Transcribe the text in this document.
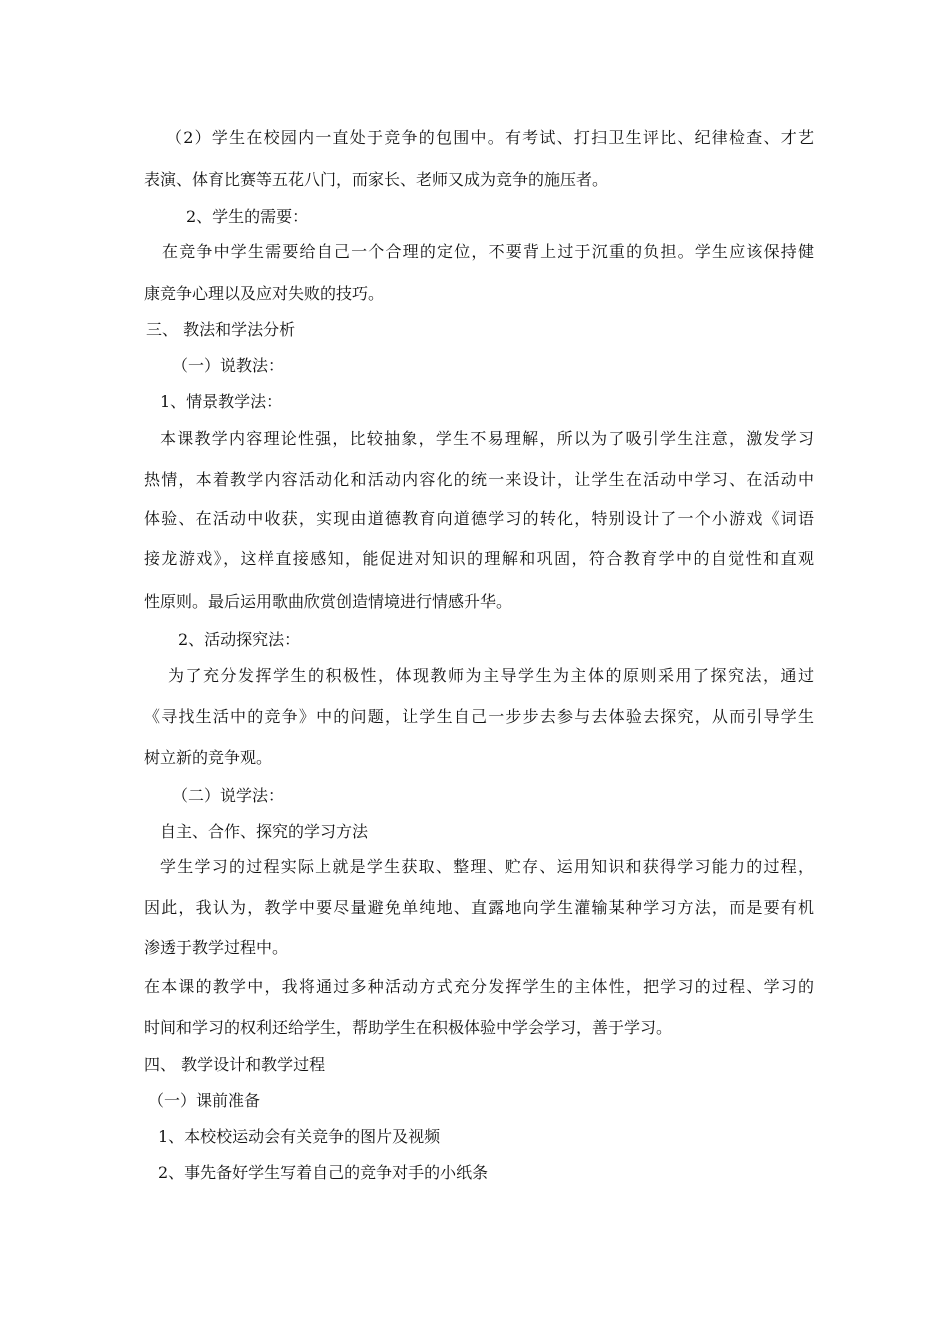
（2）学生在校园内一直处于竞争的包围中。有考试、打扫卫生评比、纪律检查、才艺
表演、体育比赛等五花八门，而家长、老师又成为竞争的施压者。
2、学生的需要：
在竞争中学生需要给自己一个合理的定位，不要背上过于沉重的负担。学生应该保持健
康竞争心理以及应对失败的技巧。
三、 教法和学法分析
（一）说教法：
1、情景教学法：
本课教学内容理论性强，比较抽象，学生不易理解，所以为了吸引学生注意，激发学习
热情，本着教学内容活动化和活动内容化的统一来设计，让学生在活动中学习、在活动中
体验、在活动中收获，实现由道德教育向道德学习的转化，特别设计了一个小游戏《词语
接龙游戏》，这样直接感知，能促进对知识的理解和巩固，符合教育学中的自觉性和直观
性原则。最后运用歌曲欣赏创造情境进行情感升华。
2、活动探究法：
为了充分发挥学生的积极性，体现教师为主导学生为主体的原则采用了探究法，通过
《寻找生活中的竞争》中的问题，让学生自己一步步去参与去体验去探究，从而引导学生
树立新的竞争观。
（二）说学法：
自主、合作、探究的学习方法
学生学习的过程实际上就是学生获取、整理、贮存、运用知识和获得学习能力的过程，
因此，我认为，教学中要尽量避免单纯地、直露地向学生灌输某种学习方法，而是要有机
渗透于教学过程中。
在本课的教学中，我将通过多种活动方式充分发挥学生的主体性，把学习的过程、学习的
时间和学习的权利还给学生，帮助学生在积极体验中学会学习，善于学习。
四、 教学设计和教学过程
（一）课前准备
1、本校校运动会有关竞争的图片及视频
2、事先备好学生写着自己的竞争对手的小纸条
